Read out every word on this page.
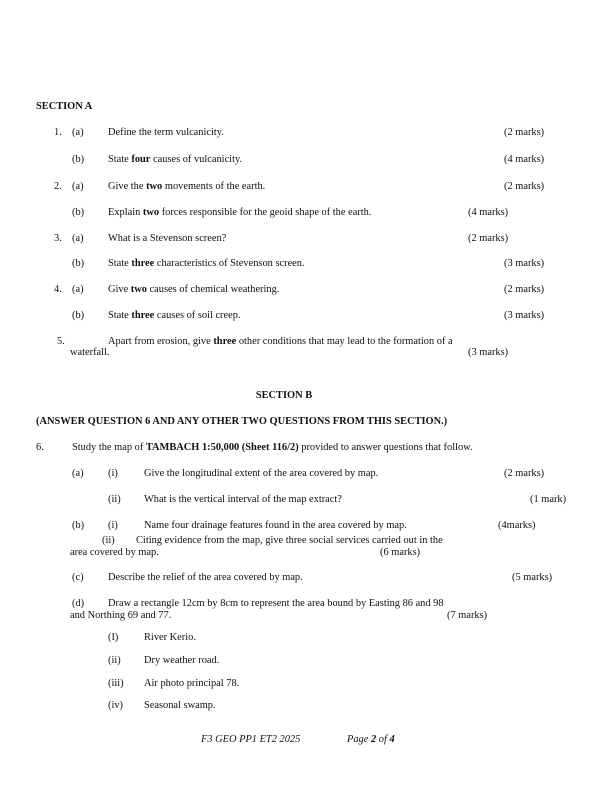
SECTION A
1. (a) Define the term vulcanicity.	(2 marks)
(b) State four causes of vulcanicity.	(4 marks)
2. (a) Give the two movements of the earth.	(2 marks)
(b) Explain two forces responsible for the geoid shape of the earth.	(4 marks)
3. (a) What is a Stevenson screen?	(2 marks)
(b) State three characteristics of Stevenson screen.	(3 marks)
4. (a) Give two causes of chemical weathering.	(2 marks)
(b) State three causes of soil creep.	(3 marks)
5.	Apart from erosion, give three other conditions that may lead to the formation of a
waterfall.	(3 marks)
SECTION B
(ANSWER QUESTION 6 AND ANY OTHER TWO QUESTIONS FROM THIS SECTION.)
6.	Study the map of TAMBACH 1:50,000 (Sheet 116/2) provided to answer questions that follow.
(a) (i)	Give the longitudinal extent of the area covered by map.	(2 marks)
(ii) What is the vertical interval of the map extract?	(1 mark)
(b) (i)	Name four drainage features found in the area covered by map.	(4marks)
(ii) Citing evidence from the map, give three social services carried out in the
area covered by map.	(6 marks)
(c) Describe the relief of the area covered by map.	(5 marks)
(d) Draw a rectangle 12cm by 8cm to represent the area bound by Easting 86 and 98
and Northing 69 and 77.	(7 marks)
(I) River Kerio.
(ii) Dry weather road.
(iii) Air photo principal 78.
(iv) Seasonal swamp.
F3 GEO PP1 ET2 2025	Page 2 of 4
